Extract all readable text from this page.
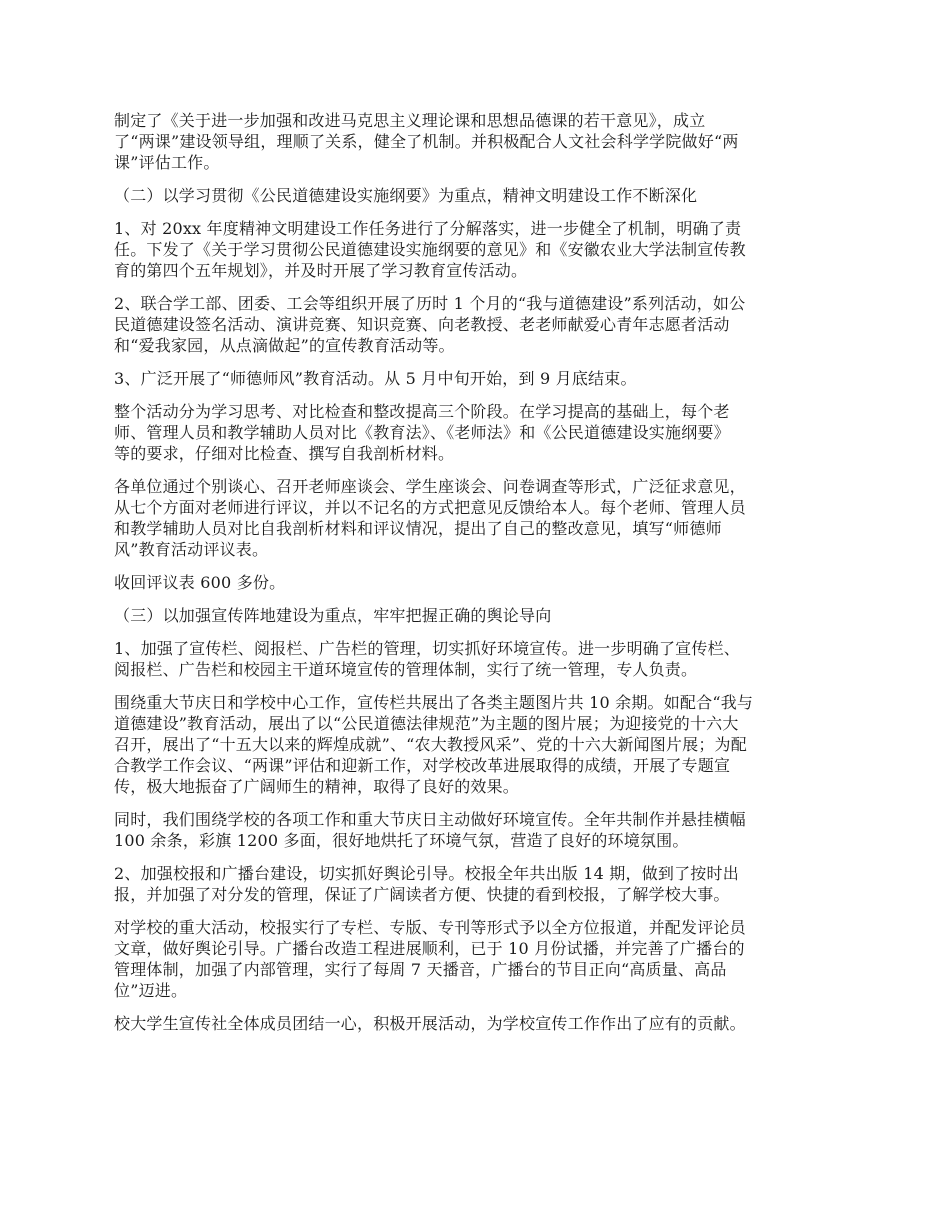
制定了《关于进一步加强和改进马克思主义理论课和思想品德课的若干意见》，成立
了“两课”建设领导组，理顺了关系，健全了机制。并积极配合人文社会科学学院做好“两
课”评估工作。

（二）以学习贯彻《公民道德建设实施纲要》为重点，精神文明建设工作不断深化

1、对 20xx 年度精神文明建设工作任务进行了分解落实，进一步健全了机制，明确了责
任。下发了《关于学习贯彻公民道德建设实施纲要的意见》和《安徽农业大学法制宣传教
育的第四个五年规划》，并及时开展了学习教育宣传活动。

2、联合学工部、团委、工会等组织开展了历时 1 个月的“我与道德建设”系列活动，如公
民道德建设签名活动、演讲竞赛、知识竞赛、向老教授、老老师献爱心青年志愿者活动
和“爱我家园，从点滴做起”的宣传教育活动等。

3、广泛开展了“师德师风”教育活动。从 5 月中旬开始，到 9 月底结束。

整个活动分为学习思考、对比检查和整改提高三个阶段。在学习提高的基础上，每个老
师、管理人员和教学辅助人员对比《教育法》、《老师法》和《公民道德建设实施纲要》
等的要求，仔细对比检查、撰写自我剖析材料。

各单位通过个别谈心、召开老师座谈会、学生座谈会、问卷调查等形式，广泛征求意见，
从七个方面对老师进行评议，并以不记名的方式把意见反馈给本人。每个老师、管理人员
和教学辅助人员对比自我剖析材料和评议情况，提出了自己的整改意见，填写“师德师
风”教育活动评议表。

收回评议表 600 多份。

（三）以加强宣传阵地建设为重点，牢牢把握正确的舆论导向

1、加强了宣传栏、阅报栏、广告栏的管理，切实抓好环境宣传。进一步明确了宣传栏、
阅报栏、广告栏和校园主干道环境宣传的管理体制，实行了统一管理，专人负责。

围绕重大节庆日和学校中心工作，宣传栏共展出了各类主题图片共 10 余期。如配合“我与
道德建设”教育活动，展出了以“公民道德法律规范”为主题的图片展；为迎接党的十六大
召开，展出了“十五大以来的辉煌成就”、“农大教授风采”、党的十六大新闻图片展；为配
合教学工作会议、“两课”评估和迎新工作，对学校改革进展取得的成绩，开展了专题宣
传，极大地振奋了广阔师生的精神，取得了良好的效果。

同时，我们围绕学校的各项工作和重大节庆日主动做好环境宣传。全年共制作并悬挂横幅
100 余条，彩旗 1200 多面，很好地烘托了环境气氛，营造了良好的环境氛围。

2、加强校报和广播台建设，切实抓好舆论引导。校报全年共出版 14 期，做到了按时出
报，并加强了对分发的管理，保证了广阔读者方便、快捷的看到校报，了解学校大事。

对学校的重大活动，校报实行了专栏、专版、专刊等形式予以全方位报道，并配发评论员
文章，做好舆论引导。广播台改造工程进展顺利，已于 10 月份试播，并完善了广播台的
管理体制，加强了内部管理，实行了每周 7 天播音，广播台的节目正向“高质量、高品
位”迈进。

校大学生宣传社全体成员团结一心，积极开展活动，为学校宣传工作作出了应有的贡献。
